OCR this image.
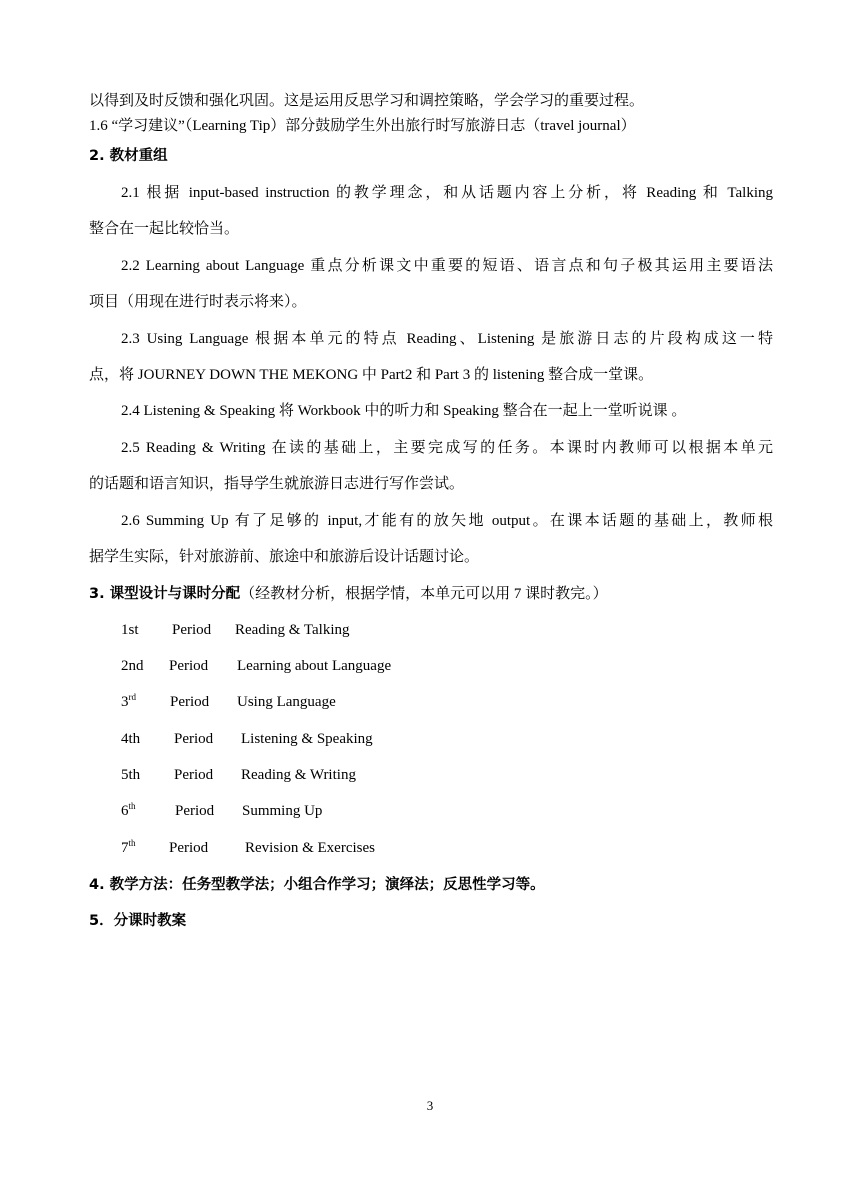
以得到及时反馈和强化巩固。这是运用反思学习和调控策略，学会学习的重要过程。
1.6 “学习建议”（Learning Tip）部分鼓励学生外出旅行时写旅游日志（travel journal）
2. 教材重组
2.1 根据 input-based instruction 的教学理念，和从话题内容上分析，将 Reading 和 Talking
整合在一起比较恰当。
2.2 Learning about Language 重点分析课文中重要的短语、语言点和句子极其运用主要语法
项目（用现在进行时表示将来）。
2.3 Using Language 根据本单元的特点 Reading、Listening 是旅游日志的片段构成这一特
点，将 JOURNEY DOWN THE MEKONG 中 Part2 和 Part 3 的 listening 整合成一堂课。
2.4 Listening & Speaking 将 Workbook 中的听力和 Speaking 整合在一起上一堂听说课 。
2.5 Reading & Writing 在读的基础上，主要完成写的任务。本课时内教师可以根据本单元
的话题和语言知识，指导学生就旅游日志进行写作尝试。
2.6 Summing Up 有了足够的 input,才能有的放矢地 output。在课本话题的基础上，教师根
据学生实际，针对旅游前、旅途中和旅游后设计话题讨论。
3. 课型设计与课时分配（经教材分析，根据学情，本单元可以用 7 课时教完。）
1st Period Reading & Talking
2nd Period Learning about Language
3rd Period Using Language
4th Period Listening & Speaking
5th Period Reading & Writing
6th	Period Summing Up
7th Period Revision & Exercises
4. 教学方法：任务型教学法；小组合作学习；演绎法；反思性学习等。
5．分课时教案
3
